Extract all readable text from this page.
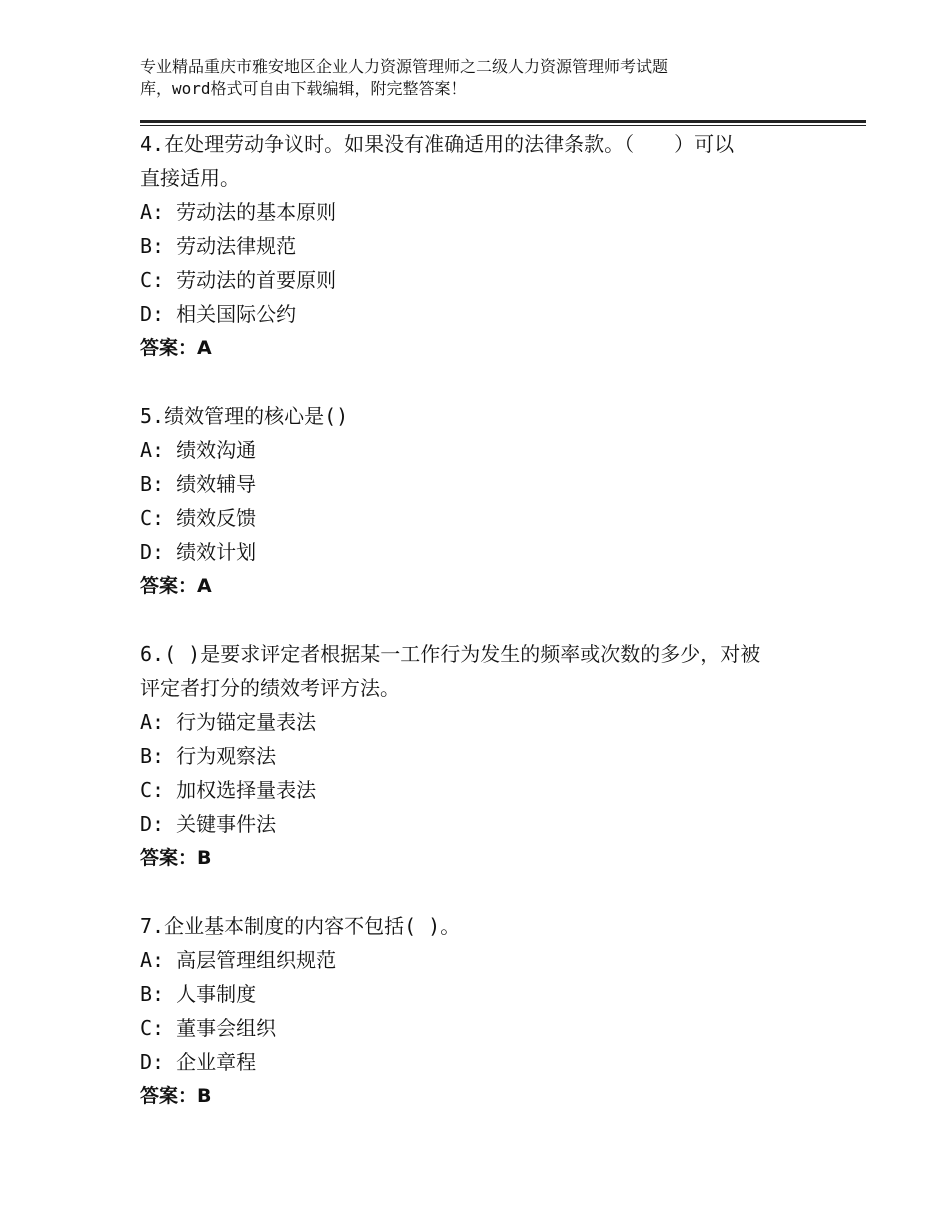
专业精品重庆市雅安地区企业人力资源管理师之二级人力资源管理师考试题
库，word格式可自由下载编辑，附完整答案！
4.在处理劳动争议时。如果没有准确适用的法律条款。（　　）可以
直接适用。
A: 劳动法的基本原则
B: 劳动法律规范
C: 劳动法的首要原则
D: 相关国际公约
答案：A
5.绩效管理的核心是()
A: 绩效沟通
B: 绩效辅导
C: 绩效反馈
D: 绩效计划
答案：A
6.( )是要求评定者根据某一工作行为发生的频率或次数的多少，对被
评定者打分的绩效考评方法。
A: 行为锚定量表法
B: 行为观察法
C: 加权选择量表法
D: 关键事件法
答案：B
7.企业基本制度的内容不包括( )。
A: 高层管理组织规范
B: 人事制度
C: 董事会组织
D: 企业章程
答案：B
